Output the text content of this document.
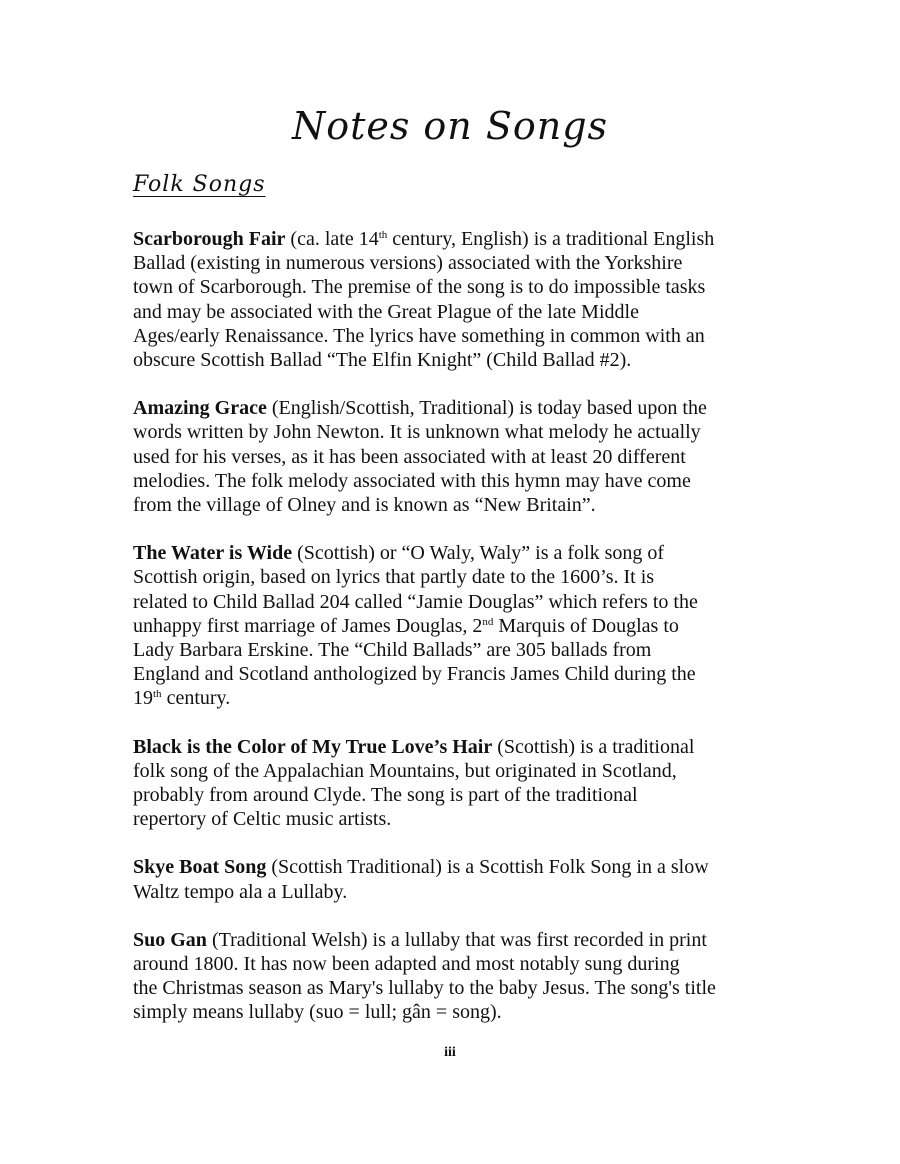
Notes on Songs
Folk Songs

Scarborough Fair (ca. late 14th century, English) is a traditional English
Ballad (existing in numerous versions) associated with the Yorkshire
town of Scarborough. The premise of the song is to do impossible tasks
and may be associated with the Great Plague of the late Middle
Ages/early Renaissance. The lyrics have something in common with an
obscure Scottish Ballad “The Elfin Knight” (Child Ballad #2).

Amazing Grace (English/Scottish, Traditional) is today based upon the
words written by John Newton. It is unknown what melody he actually
used for his verses, as it has been associated with at least 20 different
melodies. The folk melody associated with this hymn may have come
from the village of Olney and is known as “New Britain”.

The Water is Wide (Scottish) or “O Waly, Waly” is a folk song of
Scottish origin, based on lyrics that partly date to the 1600’s. It is
related to Child Ballad 204 called “Jamie Douglas” which refers to the
unhappy first marriage of James Douglas, 2nd Marquis of Douglas to
Lady Barbara Erskine. The “Child Ballads” are 305 ballads from
England and Scotland anthologized by Francis James Child during the
19th century.

Black is the Color of My True Love’s Hair (Scottish) is a traditional
folk song of the Appalachian Mountains, but originated in Scotland,
probably from around Clyde. The song is part of the traditional
repertory of Celtic music artists.

Skye Boat Song (Scottish Traditional) is a Scottish Folk Song in a slow
Waltz tempo ala a Lullaby.

Suo Gan (Traditional Welsh) is a lullaby that was first recorded in print
around 1800. It has now been adapted and most notably sung during
the Christmas season as Mary's lullaby to the baby Jesus. The song's title
simply means lullaby (suo = lull; gân = song).

iii
